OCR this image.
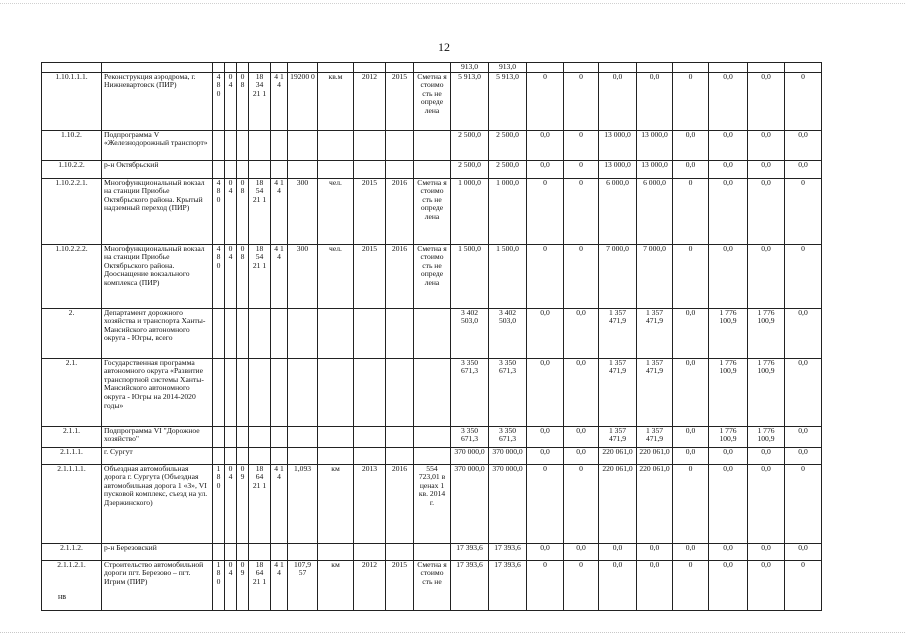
12
												913,0	913,0								
1.10.1.1.1.	Реконструкция аэродрома, г. Нижневартовск (ПИР)	4 8 0	0 4	0 8	18 34 21 1	4 1 4	19200 0	кв.м	2012	2015	Сметна я стоимо сть не опреде лена	5 913,0	5 913,0	0	0	0,0	0,0	0	0,0	0,0	0
1.10.2.	Подпрограмма V «Железнодорожный транспорт»											2 500,0	2 500,0	0,0	0	13 000,0	13 000,0	0,0	0,0	0,0	0,0
1.10.2.2.	р-н Октябрьский											2 500,0	2 500,0	0,0	0	13 000,0	13 000,0	0,0	0,0	0,0	0,0
1.10.2.2.1.	Многофункциональный вокзал на станции Приобье Октябрьского района. Крытый надземный переход (ПИР)	4 8 0	0 4	0 8	18 54 21 1	4 1 4	300	чел.	2015	2016	Сметна я стоимо сть не опреде лена	1 000,0	1 000,0	0	0	6 000,0	6 000,0	0	0,0	0,0	0
1.10.2.2.2.	Многофункциональный вокзал на станции Приобье Октябрьского района. Дооснащение вокзального комплекса (ПИР)	4 8 0	0 4	0 8	18 54 21 1	4 1 4	300	чел.	2015	2016	Сметна я стоимо сть не опреде лена	1 500,0	1 500,0	0	0	7 000,0	7 000,0	0	0,0	0,0	0
2.	Департамент дорожного хозяйства и транспорта Ханты-Мансийского автономного округа - Югры, всего											3 402 503,0	3 402 503,0	0,0	0,0	1 357 471,9	1 357 471,9	0,0	1 776 100,9	1 776 100,9	0,0
2.1.	Государственная программа автономного округа «Развитие транспортной системы Ханты-Мансийского автономного округа - Югры на 2014-2020 годы»											3 350 671,3	3 350 671,3	0,0	0,0	1 357 471,9	1 357 471,9	0,0	1 776 100,9	1 776 100,9	0,0
2.1.1.	Подпрограмма VI "Дорожное хозяйство"											3 350 671,3	3 350 671,3	0,0	0,0	1 357 471,9	1 357 471,9	0,0	1 776 100,9	1 776 100,9	0,0
2.1.1.1.	г. Сургут											370 000,0	370 000,0	0,0	0,0	220 061,0	220 061,0	0,0	0,0	0,0	0,0
2.1.1.1.1.	Объездная автомобильная дорога г. Сургута (Объездная автомобильная дорога 1 «З», VI пусковой комплекс, съезд на ул. Дзержинского)	1 8 0	0 4	0 9	18 64 21 1	4 1 4	1,093	км	2013	2016	554 723,01 в ценах 1 кв. 2014 г.	370 000,0	370 000,0	0	0	220 061,0	220 061,0	0	0,0	0,0	0
2.1.1.2.	р-н Березовский											17 393,6	17 393,6	0,0	0,0	0,0	0,0	0,0	0,0	0,0	0,0
2.1.1.2.1.	Строительство автомобильной дороги пгт. Березово – пгт. Игрим (ПИР)	1 8 0	0 4	0 9	18 64 21 1	4 1 4	107,9 57	км	2012	2015	Сметна я стоимо сть не	17 393,6	17 393,6	0	0	0,0	0,0	0	0,0	0,0	0
нв
